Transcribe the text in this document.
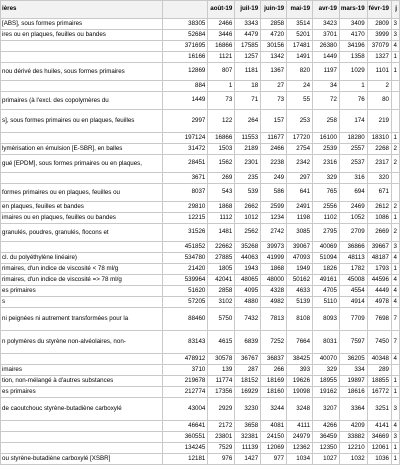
ières		août-19	juil-19	juin-19	mai-19	avr-19	mars-19	févr-19	j
[ABS], sous formes primaires	38305	2466	3343	2858	3514	3423	3409	2809	3
ires ou en plaques, feuilles ou bandes	52684	3446	4479	4720	5201	3701	4170	3999	3
	371695	16866	17585	30156	17481	26380	34196	37079	4
	16166	1121	1257	1342	1491	1449	1358	1327	1
nou dérivé des huiles, sous formes primaires	12869	807	1181	1367	820	1197	1029	1101	1
	884	1	18	27	24	34	1	2	
primaires (à l'excl. des copolymères du	1449	73	71	73	55	72	76	80	
s], sous formes primaires ou en plaques, feuilles	2997	122	264	157	253	258	174	219	
	197124	16866	11553	11677	17720	16100	18280	18310	1
lymérisation en émulsion [E-SBR], en balles	31472	1503	2189	2466	2754	2539	2557	2268	2
gué [EPDM], sous formes primaires ou en plaques,	28451	1562	2301	2238	2342	2316	2537	2317	2
	3671	269	235	249	297	329	316	320	
formes primaires ou en plaques, feuilles ou	8037	543	539	586	641	765	694	671	
en plaques, feuilles et bandes	29810	1868	2662	2599	2491	2556	2469	2612	2
imaires ou en plaques, feuilles ou bandes	12215	1112	1012	1234	1198	1102	1052	1086	1
granulés, poudres, granulés, flocons et	31526	1481	2562	2742	3085	2795	2709	2669	2
	451852	22662	35268	39973	39067	40069	36866	39667	3
cl. du polyéthylène linéaire)	534780	27885	44063	41999	47093	51094	48113	48187	4
rimaires, d'un indice de viscosité < 78 ml/g	21420	1805	1943	1868	1949	1826	1782	1793	1
rimaires, d'un indice de viscosité => 78 ml/g	539964	42041	48065	48000	50162	49161	45008	44596	4
es primaires	51620	2858	4095	4328	4633	4705	4554	4449	4
s	57205	3102	4880	4982	5139	5110	4914	4978	4
ni peignées ni autrement transformées pour la	88460	5750	7432	7813	8108	8093	7709	7698	7
n polymères du styrène non-alvéolaires, non-	83143	4615	6839	7252	7664	8031	7597	7450	7
	478912	30578	36767	36837	38425	40070	36205	40348	4
imaires	3710	139	287	266	393	329	334	289	
tion, non-mélangé à d'autres substances	219678	11774	18152	18169	19626	18955	19897	18855	1
es primaires	212774	17356	16929	18160	19098	19162	18616	16772	1
de caoutchouc styrène-butadiène carboxylé	43004	2929	3230	3244	3248	3207	3364	3251	3
	46641	2172	3658	4081	4111	4266	4209	4141	4
	360551	23801	32381	24150	24979	36459	33882	34669	3
	134245	7529	11139	12069	12362	12350	12210	12061	1
ou styrène-butadiène carboxylé [XSBR]	12181	976	1427	977	1034	1027	1032	1036	1
